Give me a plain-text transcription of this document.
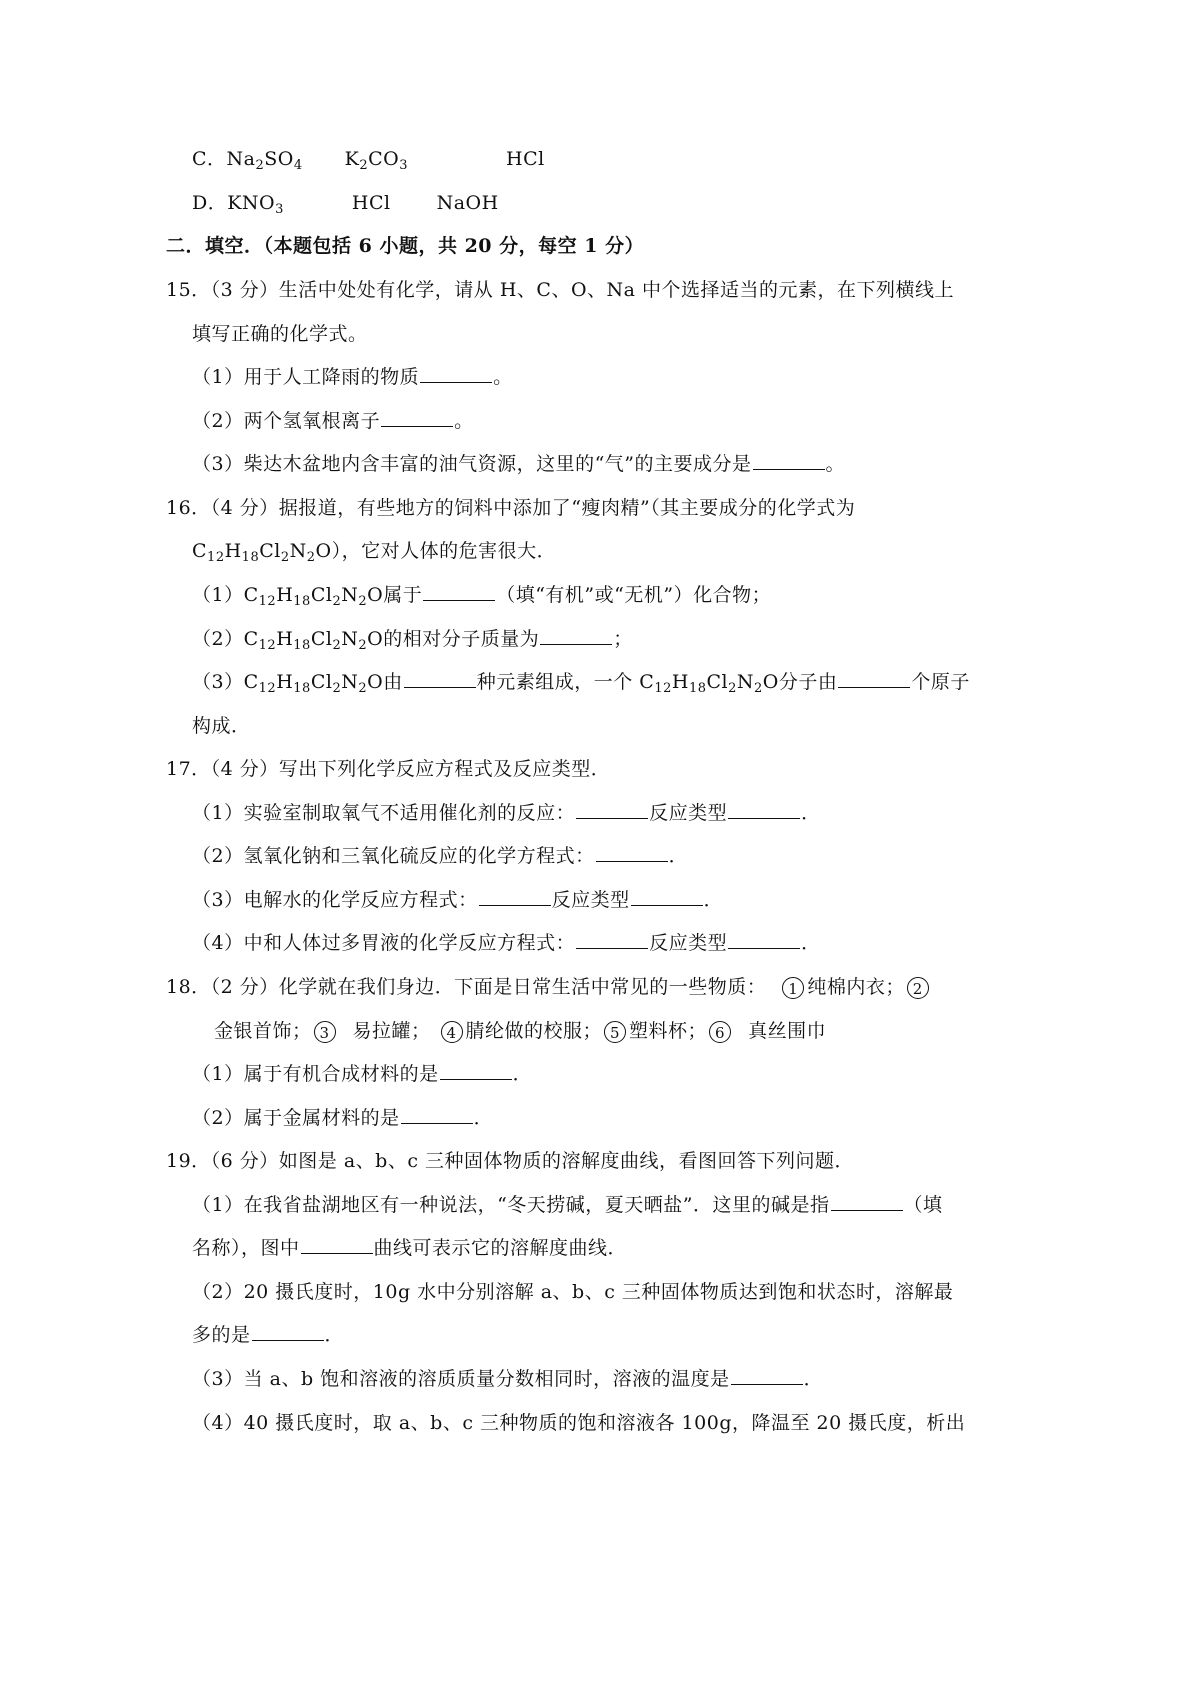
C．$Na_2SO_4$ $K_2CO_3$	HCl
D．$KNO_3$	HCl NaOH
二．填空．（本题包括 6 小题，共 20 分，每空 1 分）
15．（3 分）生活中处处有化学，请从 H、C、O、Na 中个选择适当的元素，在下列横线上
填写正确的化学式。
（1）用于人工降雨的物质	。
（2）两个氢氧根离子	。
（3）柴达木盆地内含丰富的油气资源，这里的“气”的主要成分是	。
16．（4 分）据报道，有些地方的饲料中添加了“瘦肉精”（其主要成分的化学式为
$C_{12}H_{18}Cl_2N_2O$），它对人体的危害很大．
$(1)C_{12}H_{18}Cl_2N_2O$属于	（填“有机”或“无机”）化合物；
$(2)C_{12}H_{18}Cl_2N_2O$的相对分子质量为	；
$(3)C_{12}H_{18}Cl_2N_2O$由	种元素组成，一个 $C_{12}H_{18}Cl_2N_2O$分子由	个原子
构成．
17．（4 分）写出下列化学反应方程式及反应类型．
（1）实验室制取氧气不适用催化剂的反应：	反应类型	．
（2）氢氧化钠和三氧化硫反应的化学方程式：	．
（3）电解水的化学反应方程式：	反应类型	．
（4）中和人体过多胃液的化学反应方程式：	反应类型	．
18．（2 分）化学就在我们身边．下面是日常生活中常见的一些物质： 1 纯棉内衣； 2
金银首饰； 3 易拉罐； 4 腈纶做的校服； 5 塑料杯； 6 真丝围巾
（1）属于有机合成材料的是	．
（2）属于金属材料的是	．
19．（6 分）如图是 a、b、c 三种固体物质的溶解度曲线，看图回答下列问题．
（1）在我省盐湖地区有一种说法，“冬天捞碱，夏天晒盐”．这里的碱是指	（填
名称），图中	曲线可表示它的溶解度曲线．
（2）20 摄氏度时，10g 水中分别溶解 a、b、c 三种固体物质达到饱和状态时，溶解最
多的是	．
（3）当 a、b 饱和溶液的溶质质量分数相同时，溶液的温度是	．
（4）40 摄氏度时，取 a、b、c 三种物质的饱和溶液各 100g，降温至 20 摄氏度，析出
